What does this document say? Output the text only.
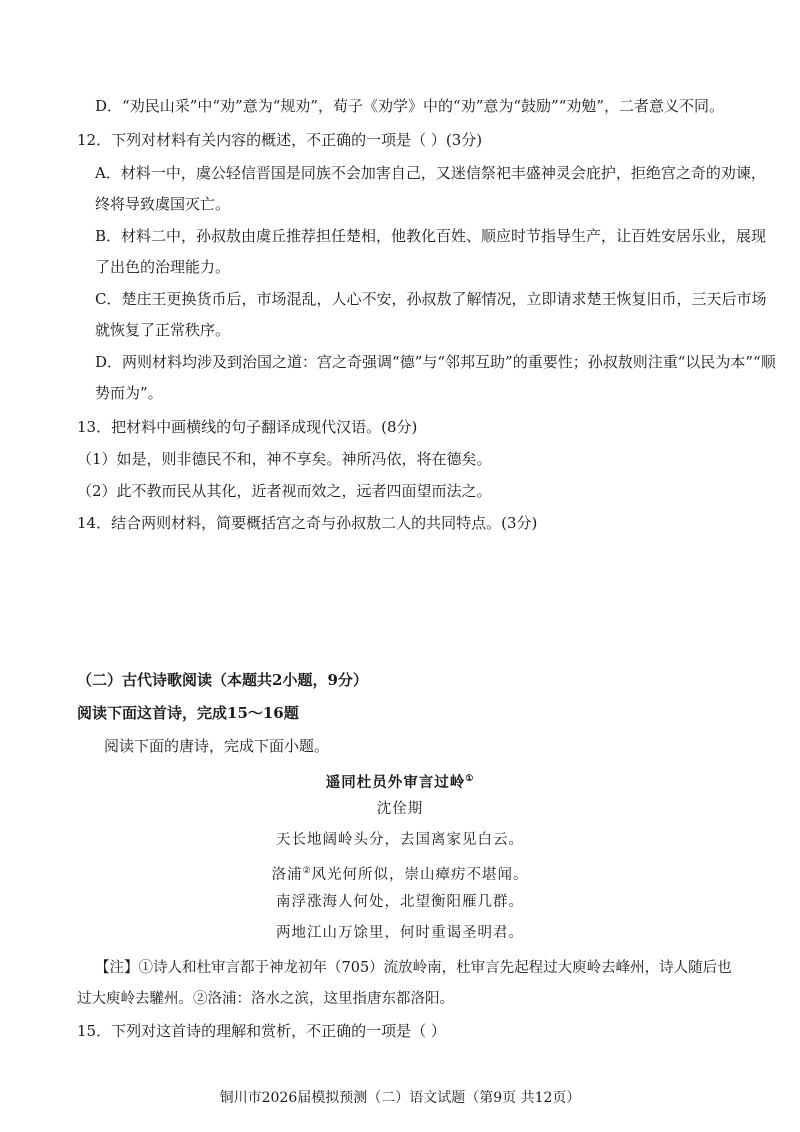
D．“劝民山采”中“劝”意为“规劝”，荀子《劝学》中的“劝”意为“鼓励”“劝勉”，二者意义不同。
12．下列对材料有关内容的概述，不正确的一项是（ ）(3分)
A．材料一中，虞公轻信晋国是同族不会加害自己，又迷信祭祀丰盛神灵会庇护，拒绝宫之奇的劝谏，
终将导致虞国灭亡。
B．材料二中，孙叔敖由虞丘推荐担任楚相，他教化百姓、顺应时节指导生产，让百姓安居乐业，展现
了出色的治理能力。
C．楚庄王更换货币后，市场混乱，人心不安，孙叔敖了解情况，立即请求楚王恢复旧币，三天后市场
就恢复了正常秩序。
D．两则材料均涉及到治国之道：宫之奇强调“德”与“邻邦互助”的重要性；孙叔敖则注重“以民为本”“顺
势而为”。
13．把材料中画横线的句子翻译成现代汉语。(8分)
（1）如是，则非德民不和，神不享矣。神所冯依，将在德矣。
（2）此不教而民从其化，近者视而效之，远者四面望而法之。
14．结合两则材料，简要概括宫之奇与孙叔敖二人的共同特点。(3分)
（二）古代诗歌阅读（本题共2小题，9分）
阅读下面这首诗，完成15～16题
阅读下面的唐诗，完成下面小题。
遥同杜员外审言过岭①
沈佺期
天长地阔岭头分，去国离家见白云。
洛浦②风光何所似，崇山瘴疠不堪闻。
南浮涨海人何处，北望衡阳雁几群。
两地江山万馀里，何时重谒圣明君。
【注】①诗人和杜审言都于神龙初年（705）流放岭南，杜审言先起程过大庾岭去峰州，诗人随后也
过大庾岭去驩州。②洛浦：洛水之滨，这里指唐东都洛阳。
15．下列对这首诗的理解和赏析，不正确的一项是（ ）
铜川市2026届模拟预测（二）语文试题（第9页 共12页）
